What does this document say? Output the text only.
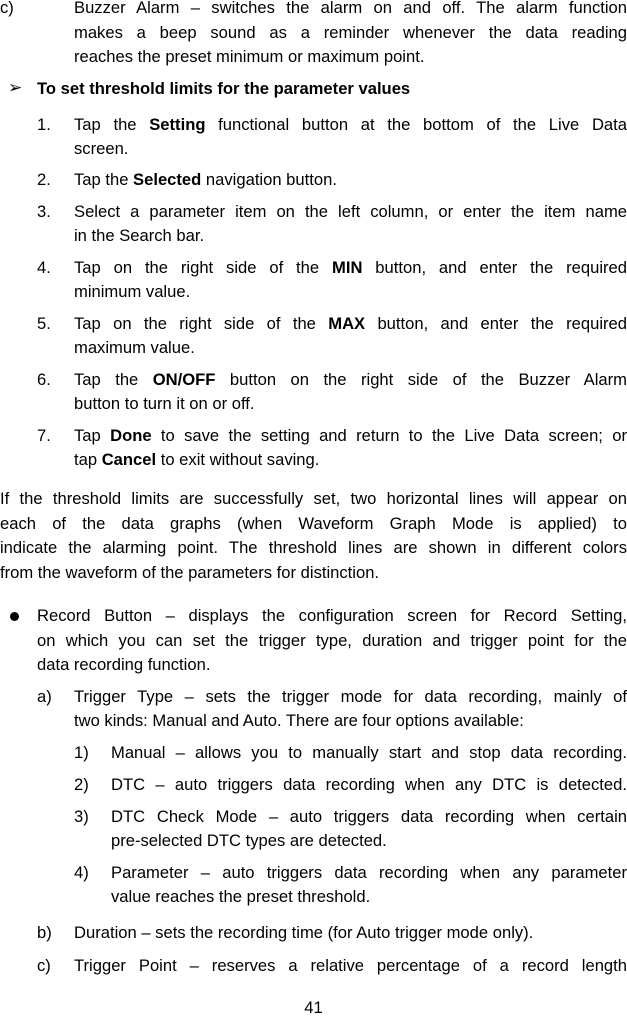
c)	Buzzer Alarm – switches the alarm on and off. The alarm function
makes a beep sound as a reminder whenever the data reading
reaches the preset minimum or maximum point.
➢ To set threshold limits for the parameter values
1. Tap the Setting functional button at the bottom of the Live Data
screen.
2. Tap the Selected navigation button.
3. Select a parameter item on the left column, or enter the item name
in the Search bar.
4. Tap on the right side of the MIN button, and enter the required
minimum value.
5. Tap on the right side of the MAX button, and enter the required
maximum value.
6. Tap the ON/OFF button on the right side of the Buzzer Alarm
button to turn it on or off.
7. Tap Done to save the setting and return to the Live Data screen; or
tap Cancel to exit without saving.
If the threshold limits are successfully set, two horizontal lines will appear on
each of the data graphs (when Waveform Graph Mode is applied) to
indicate the alarming point. The threshold lines are shown in different colors
from the waveform of the parameters for distinction.
Record Button – displays the configuration screen for Record Setting,
on which you can set the trigger type, duration and trigger point for the
data recording function.
a) Trigger Type – sets the trigger mode for data recording, mainly of
two kinds: Manual and Auto. There are four options available:
1) Manual – allows you to manually start and stop data recording.
2) DTC – auto triggers data recording when any DTC is detected.
3) DTC Check Mode – auto triggers data recording when certain
pre-selected DTC types are detected.
4) Parameter – auto triggers data recording when any parameter
value reaches the preset threshold.
b) Duration – sets the recording time (for Auto trigger mode only).
c) Trigger Point – reserves a relative percentage of a record length
41
